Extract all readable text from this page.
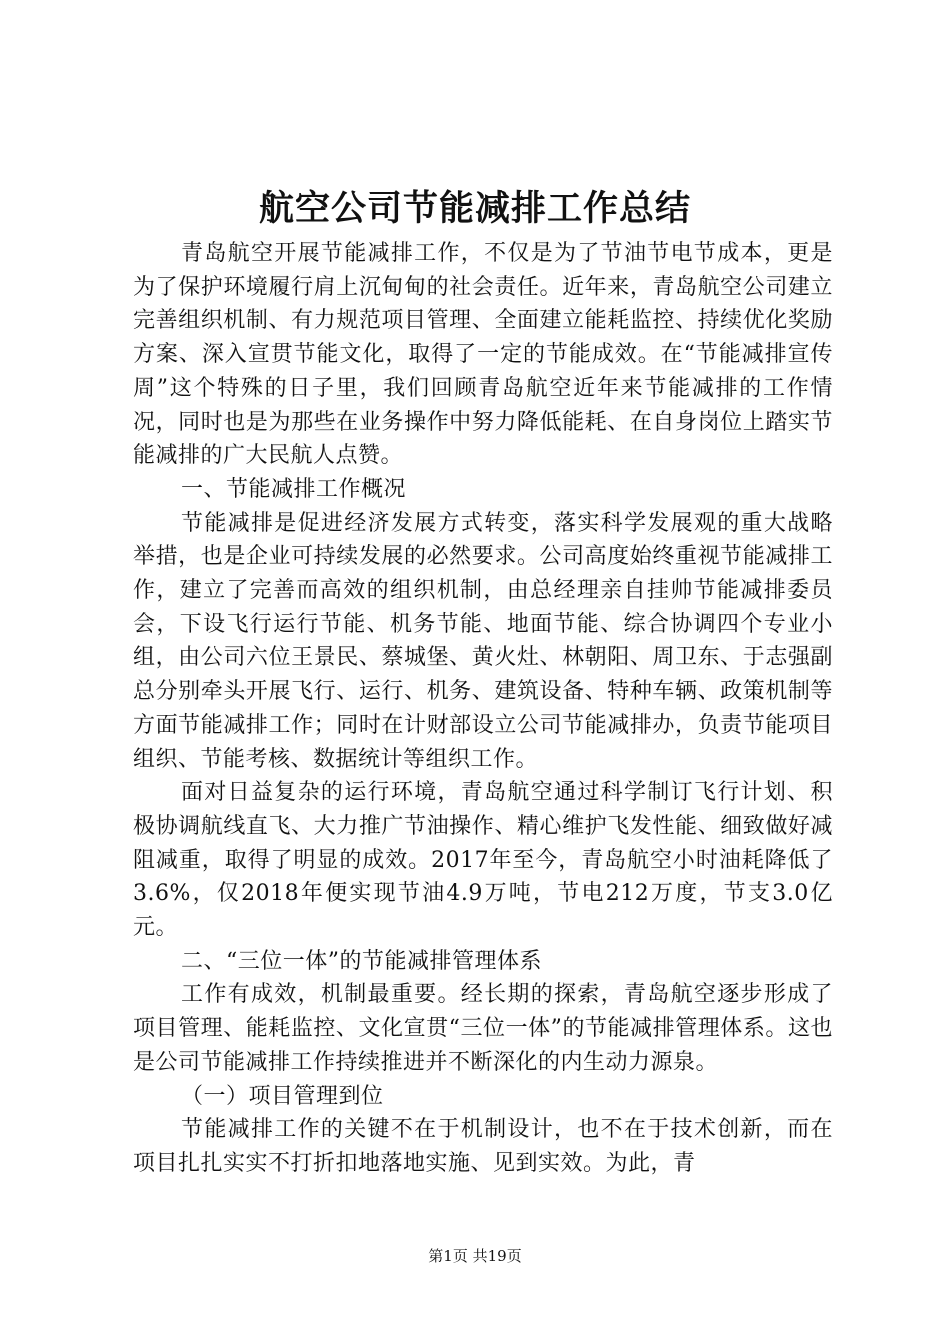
航空公司节能减排工作总结

青岛航空开展节能减排工作，不仅是为了节油节电节成本，更是为了保护环境履行肩上沉甸甸的社会责任。近年来，青岛航空公司建立完善组织机制、有力规范项目管理、全面建立能耗监控、持续优化奖励方案、深入宣贯节能文化，取得了一定的节能成效。在“节能减排宣传周”这个特殊的日子里，我们回顾青岛航空近年来节能减排的工作情况，同时也是为那些在业务操作中努力降低能耗、在自身岗位上踏实节能减排的广大民航人点赞。

一、节能减排工作概况

节能减排是促进经济发展方式转变，落实科学发展观的重大战略举措，也是企业可持续发展的必然要求。公司高度始终重视节能减排工作，建立了完善而高效的组织机制，由总经理亲自挂帅节能减排委员会，下设飞行运行节能、机务节能、地面节能、综合协调四个专业小组，由公司六位王景民、蔡城堡、黄火灶、林朝阳、周卫东、于志强副总分别牵头开展飞行、运行、机务、建筑设备、特种车辆、政策机制等方面节能减排工作；同时在计财部设立公司节能减排办，负责节能项目组织、节能考核、数据统计等组织工作。

面对日益复杂的运行环境，青岛航空通过科学制订飞行计划、积极协调航线直飞、大力推广节油操作、精心维护飞发性能、细致做好减阻减重，取得了明显的成效。2017年至今，青岛航空小时油耗降低了3.6%，仅2018年便实现节油4.9万吨，节电212万度，节支3.0亿元。

二、“三位一体”的节能减排管理体系

工作有成效，机制最重要。经长期的探索，青岛航空逐步形成了项目管理、能耗监控、文化宣贯“三位一体”的节能减排管理体系。这也是公司节能减排工作持续推进并不断深化的内生动力源泉。

（一）项目管理到位

节能减排工作的关键不在于机制设计，也不在于技术创新，而在项目扎扎实实不打折扣地落地实施、见到实效。为此，青

第1页 共19页
